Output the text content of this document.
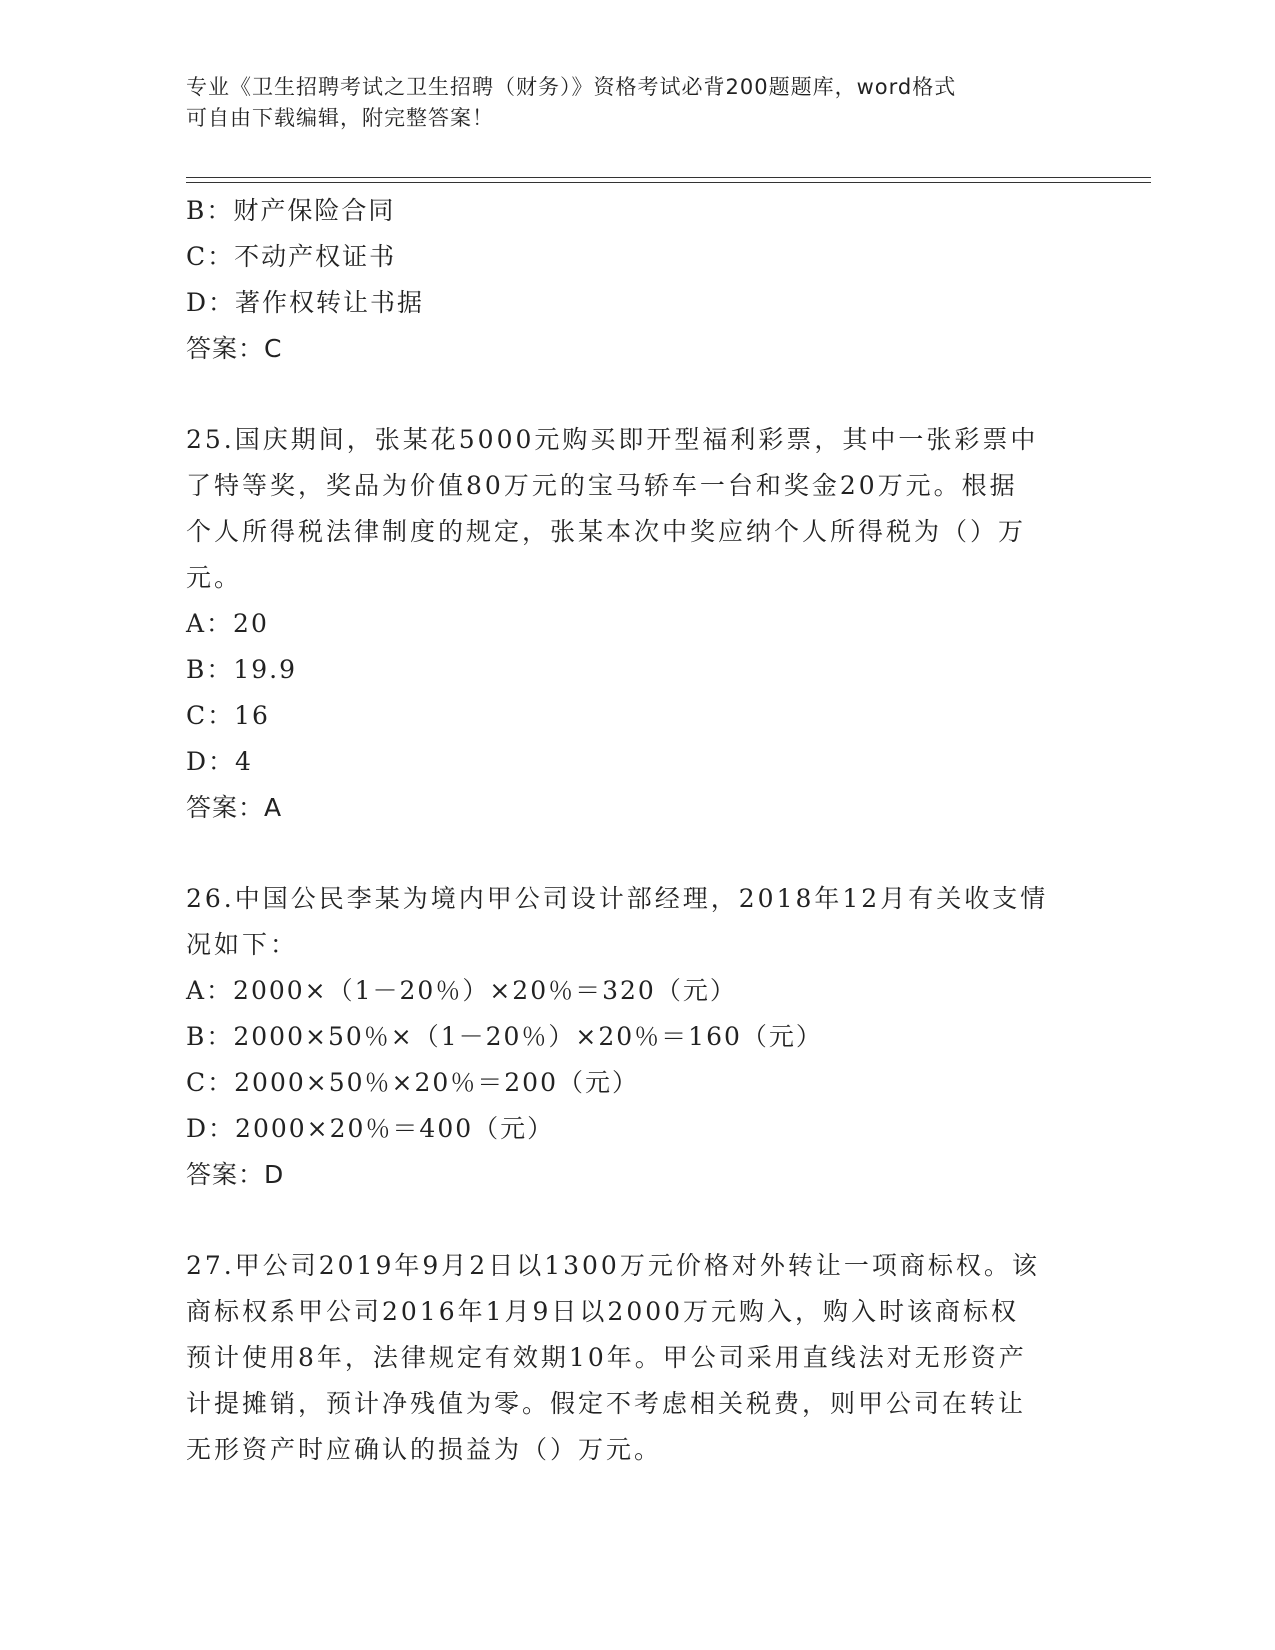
专业《卫生招聘考试之卫生招聘（财务）》资格考试必背200题题库，word格式
可自由下载编辑，附完整答案！
B：财产保险合同
C：不动产权证书
D：著作权转让书据
答案：C
25.国庆期间，张某花5000元购买即开型福利彩票，其中一张彩票中
了特等奖，奖品为价值80万元的宝马轿车一台和奖金20万元。根据
个人所得税法律制度的规定，张某本次中奖应纳个人所得税为（）万
元。
A：20
B：19.9
C：16
D：4
答案：A
26.中国公民李某为境内甲公司设计部经理，2018年12月有关收支情
况如下：
A：2000×（1－20％）×20％＝320（元）
B：2000×50％×（1－20％）×20％＝160（元）
C：2000×50％×20％＝200（元）
D：2000×20％＝400（元）
答案：D
27.甲公司2019年9月2日以1300万元价格对外转让一项商标权。该
商标权系甲公司2016年1月9日以2000万元购入，购入时该商标权
预计使用8年，法律规定有效期10年。甲公司采用直线法对无形资产
计提摊销，预计净残值为零。假定不考虑相关税费，则甲公司在转让
无形资产时应确认的损益为（）万元。
